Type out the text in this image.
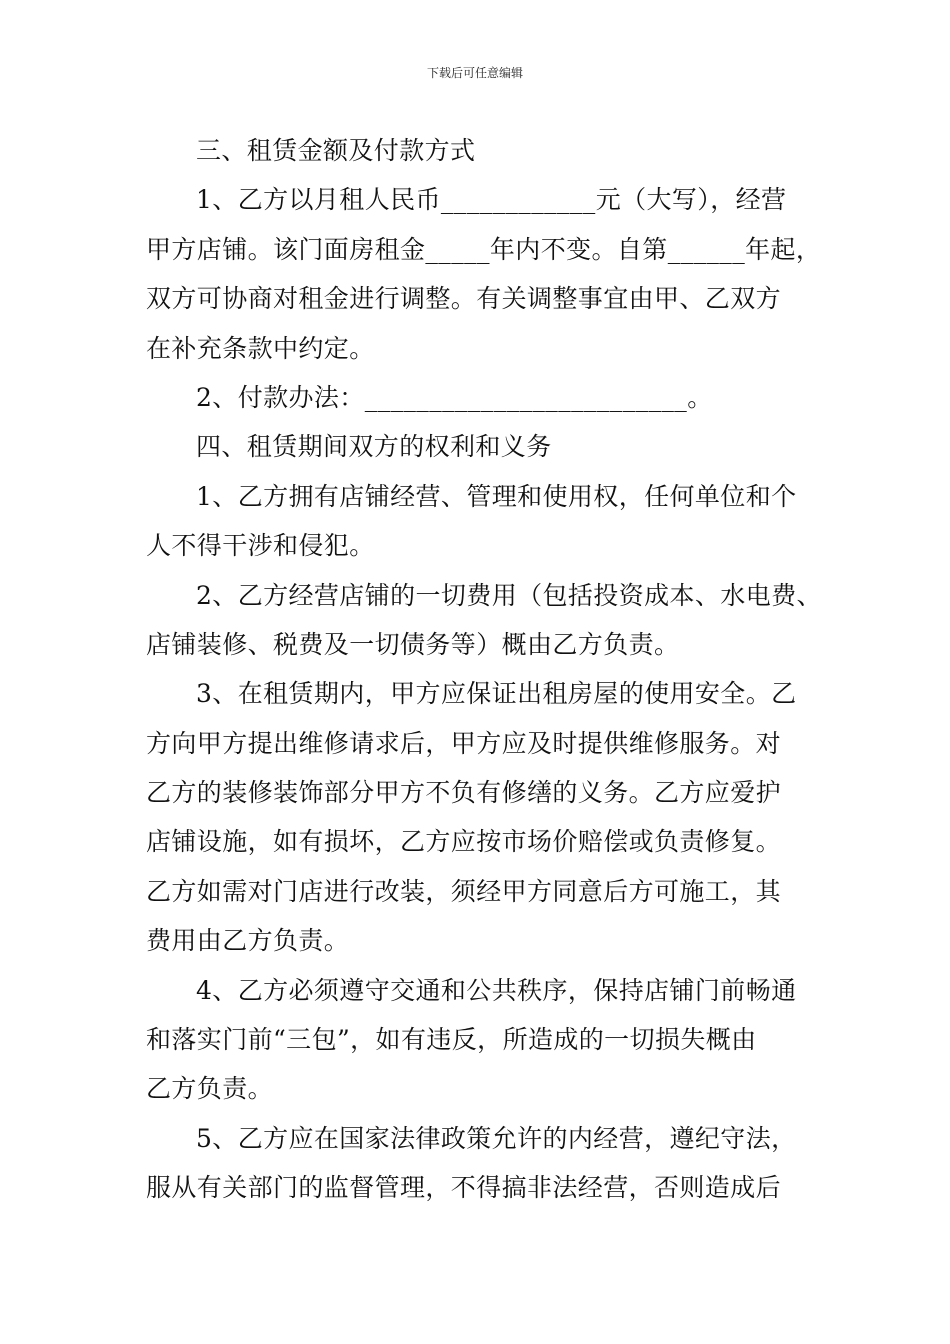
下载后可任意编辑
三、租赁金额及付款方式
1、乙方以月租人民币____________元（大写），经营
甲方店铺。该门面房租金_____年内不变。自第______年起，
双方可协商对租金进行调整。有关调整事宜由甲、乙双方
在补充条款中约定。
2、付款办法：_________________________。
四、租赁期间双方的权利和义务
1、乙方拥有店铺经营、管理和使用权，任何单位和个
人不得干涉和侵犯。
2、乙方经营店铺的一切费用（包括投资成本、水电费、
店铺装修、税费及一切债务等）概由乙方负责。
3、在租赁期内，甲方应保证出租房屋的使用安全。乙
方向甲方提出维修请求后，甲方应及时提供维修服务。对
乙方的装修装饰部分甲方不负有修缮的义务。乙方应爱护
店铺设施，如有损坏，乙方应按市场价赔偿或负责修复。
乙方如需对门店进行改装，须经甲方同意后方可施工，其
费用由乙方负责。
4、乙方必须遵守交通和公共秩序，保持店铺门前畅通
和落实门前“三包”，如有违反，所造成的一切损失概由
乙方负责。
5、乙方应在国家法律政策允许的内经营，遵纪守法，
服从有关部门的监督管理，不得搞非法经营，否则造成后
